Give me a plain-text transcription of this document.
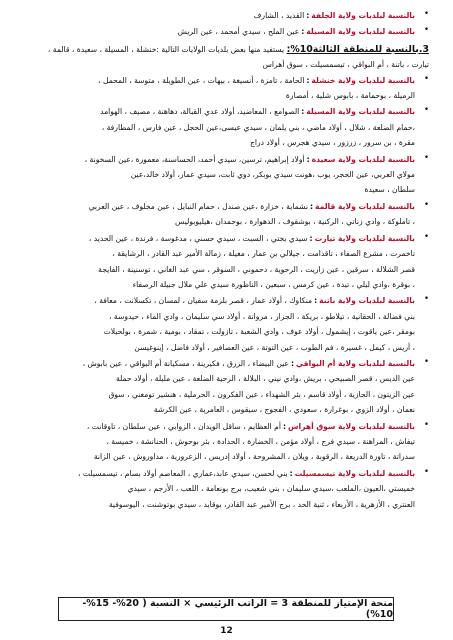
•
بالنسبة لبلديات ولاية الجلفة:القديد ، الشارف
•
بالنسبة لبلديات ولاية المسيلة:عين الملح ، سيدي أمحمد ، عين الريش
3.بالنسبة للمنطقة الثالثة10%: يستفيد منها بعض بلديات الولايات التالية :خنشلة ، المسيلة ، سعيدة ، قالمة ،
تيارت ، باتنة ، أم البواقي ، تيسمسيلت ، سوق أهراس
•
بالنسبة لبلديات ولاية خنشلة:الحامة ، تامزة ، أنسيغة ، بيهات ، عين الطويلة ، متوسة ، المحمل ،
الرميلة ، بوحمامة ، بابوس شلية ، أمصارة
•
بالنسبة لبلديات ولاية المسيلة:الصوامع ، المعاضيد، أولاد عدي القبالة، دهاهنة ، مصيف ، الهوامد
،حمام الضلعة ، شلال ، أولاد ماضي ، بني يلمان ، سيدي عيسى،عين الحجل ، عين فارس ، المطارفة ،
مقرة ، بن سرور ، زرزور ، سيدي هجرس ، أولاد دراج
•
بالنسبة لبلديات ولاية سعيدة:أولاد إبراهيم، ترسين، سيدي أحمد، الحساسنة، معمورة ،عين السخونة ،
مولاي العربي، عين الحجر، يوب ،هونت سيدي بوبكر، دوي ثابت، سيدي عمار، أولاد خالد،عين
سلطان ، سعيدة
•
بالنسبة لبلديات ولاية قالمة:نشماية ، خزارة ،عين صندل ، حمام النبايل ، عين مخلوف ، عين العربي
، تاملوكة ، وادي زناتي ، الركنية ، بوشقوف ، الدهوارة ، بوحمدان ،هيليوبوليس
•
بالنسبة لبلديات ولاية تيارت:سيدي بختي ، السبت ، سيدي حسني ، مدغوسة ، فرندة ، عين الحديد ،
تاخمرت ، مشرع الصفاء ، تاقدامت ، جيلالي بن عمار ، مغيلة ، زمالة الأمير عبد القادر ، الرشايقة ،
قصر الشلالة ، سرقين ، عين زاريت ، الرحوية ، دحموني ، السوقر ، سي عبد الغاني ، توسنينة ، الفايجة
، بوقرة ،وادي ليلي ، تيدة ، عين كرمس ، سبعين ، الناظورة سيدي علي ملال جبيلة الرصفاء
•
بالنسبة لبلديات ولاية باتنة:منكاوك ، أولاد عمار ، قصر بلزمة سفيان ، لمسان ، تكسلانت ، معافة ،
بني فضالة ، الحقانية ، تيلاطو ، بريكة ، الجزار ، مروانة ، أولاد سي سليمان ، وادي الماء ، حيدوسة ،
بومقر ،عين ياقوت ، إيشمول ، أولاد عوف ، وادي الشعبة ، تازولت ، تمقاد ، بومية ، شمرة ، بولحيلات
، أريس ، كيمل ، غسيرة ، فم الطوب ، عين التوتة ، عين العصافير ، أولاد فاضل ، إينوغيسن
•
بالنسبة لبلديات ولاية أم البواقي:عين البيضاء ، الزرق ، فكيرينة ، مسكيانة أم البواقي ، عين بابوش ،
عين الديس ، قصر الصبيحي ، بريش ،وادي نيني ، البلالة ، الرحية الضلعة ، عين مليلة ، أولاد حملة
عين الزيتون ، الجازية ، أولاد قاسم ، بئر الشهداء ، عين الفكرون ، الحرملية ، هنشير تومغني ، سوق
نعمان ، أولاد الزوي ، بوغرارة ، سعودي ، الفجوج ، سيقوس ، العامرية ، عين الكرشة
•
بالنسبة لبلديات ولاية سوق أهراس:أم العظايم ، ساقل الويدان ، الزوابي ، عين سلطان ، تاوقانت ،
تيفاش ، المراهنة ، سيدي فرج ، أولاد مؤمن ، الخضارة ، الحدادة ، بئر بوحوش ، الحنانشة ، خميسة ،
سدراتة ، تاورة الدريعة ، الرقوبة ، ويلان ، المشروحة ، أولاد إدريس ، الزعرورية ، مداوروش ، عين الزانة
•
بالنسبة لبلديات ولاية تيسمسيلت:بني لحسن، سيدي عابد،عماري ، المعاصم أولاد بسام ، تيسمسيلت ،
خميستي ،العيون ،الملعب ،سيدي سليمان ، بني شعيب، برج بونعامة ، اللعب ، الأرجم ، سيدي
العنتري ، الأزهرية ، الأربعاء ، ثنية الحد ، برج الأمير عبد القادر، بوقايد ، سيدي بوتوشنت ، اليوسوفية
منحة الإمتياز للمنطقة 3 = الراتب الرئيسي × النسبة ( 20%- 15%- 10%)
12
